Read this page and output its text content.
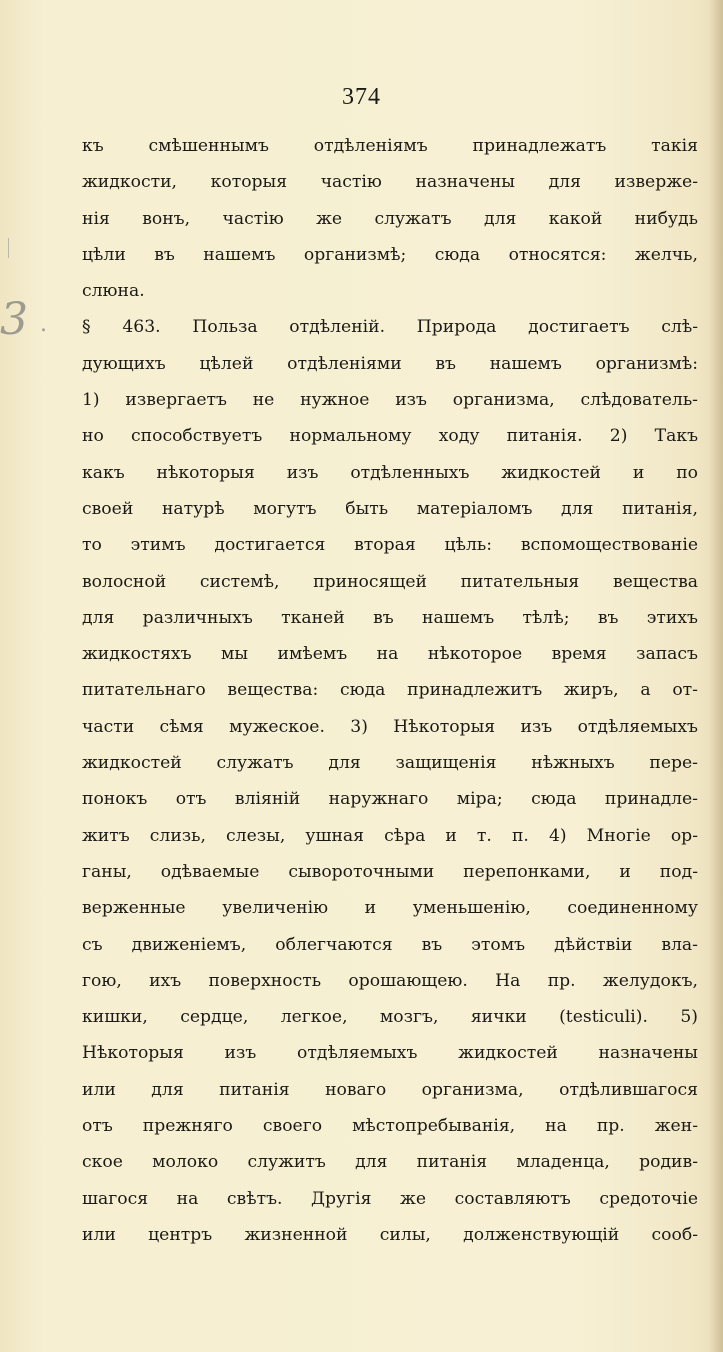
374
3 .
къ смѣшеннымъ отдѣленіямъ принадлежатъ такія
жидкости, которыя частію назначены для изверже-
нія вонъ, частію же служатъ для какой нибудь
цѣли въ нашемъ организмѣ; сюда относятся: желчь,
слюна.
§ 463. Польза отдѣленій. Природа достигаетъ слѣ-
дующихъ цѣлей отдѣленіями въ нашемъ организмѣ:
1) извергаетъ не нужное изъ организма, слѣдователь-
но способствуетъ нормальному ходу питанія. 2) Такъ
какъ нѣкоторыя изъ отдѣленныхъ жидкостей и по
своей натурѣ могутъ быть матеріаломъ для питанія,
то этимъ достигается вторая цѣль: вспомоществованіе
волосной системѣ, приносящей питательныя вещества
для различныхъ тканей въ нашемъ тѣлѣ; въ этихъ
жидкостяхъ мы имѣемъ на нѣкоторое время запасъ
питательнаго вещества: сюда принадлежитъ жиръ, а от-
части сѣмя мужеское. 3) Нѣкоторыя изъ отдѣляемыхъ
жидкостей служатъ для защищенія нѣжныхъ пере-
понокъ отъ вліяній наружнаго міра; сюда принадле-
житъ слизь, слезы, ушная сѣра и т. п. 4) Многіе ор-
ганы, одѣваемые сывороточными перепонками, и под-
верженные увеличенію и уменьшенію, соединенному
съ движеніемъ, облегчаются въ этомъ дѣйствіи вла-
гою, ихъ поверхность орошающею. На пр. желудокъ,
кишки, сердце, легкое, мозгъ, яички (testiculi). 5)
Нѣкоторыя изъ отдѣляемыхъ жидкостей назначены
или для питанія новаго организма, отдѣлившагося
отъ прежняго своего мѣстопребыванія, на пр. жен-
ское молоко служитъ для питанія младенца, родив-
шагося на свѣтъ. Другія же составляютъ средоточіе
или центръ жизненной силы, долженствующій сооб-
